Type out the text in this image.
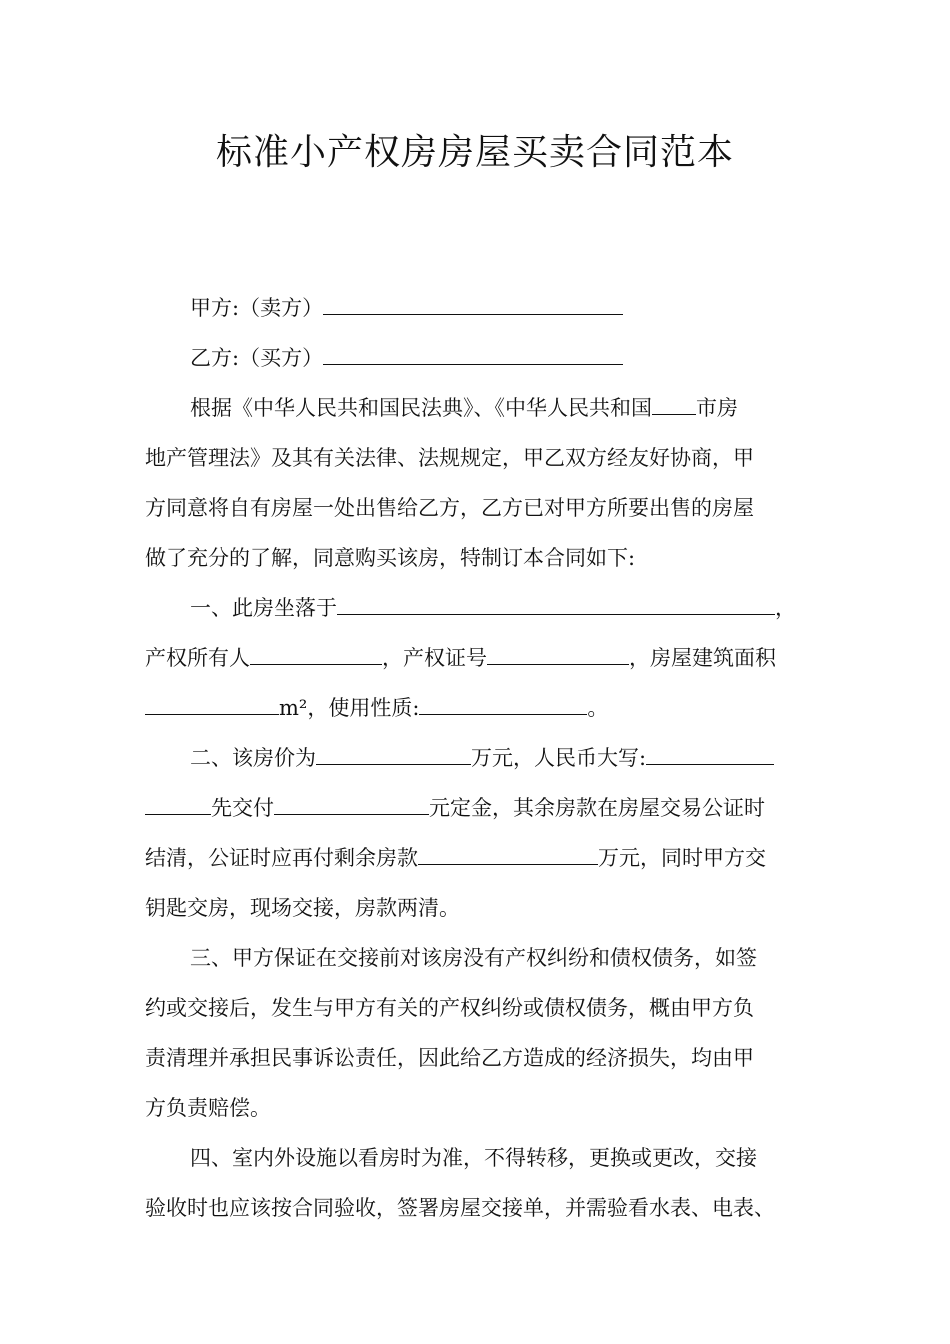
标准小产权房房屋买卖合同范本
甲方:（卖方）
乙方:（买方）
根据《中华人民共和国民法典》、《中华人民共和国 市房
地产管理法》及其有关法律、法规规定，甲乙双方经友好协商，甲
方同意将自有房屋一处出售给乙方，乙方已对甲方所要出售的房屋
做了充分的了解，同意购买该房，特制订本合同如下:
一、此房坐落于	，
产权所有人	，产权证号	，房屋建筑面积
m²，使用性质:	。
二、该房价为	万元，人民币大写:
先交付	元定金，其余房款在房屋交易公证时
结清，公证时应再付剩余房款	万元，同时甲方交
钥匙交房，现场交接，房款两清。
三、甲方保证在交接前对该房没有产权纠纷和债权债务，如签
约或交接后，发生与甲方有关的产权纠纷或债权债务，概由甲方负
责清理并承担民事诉讼责任，因此给乙方造成的经济损失，均由甲
方负责赔偿。
四、室内外设施以看房时为准，不得转移，更换或更改，交接
验收时也应该按合同验收，签署房屋交接单，并需验看水表、电表、
